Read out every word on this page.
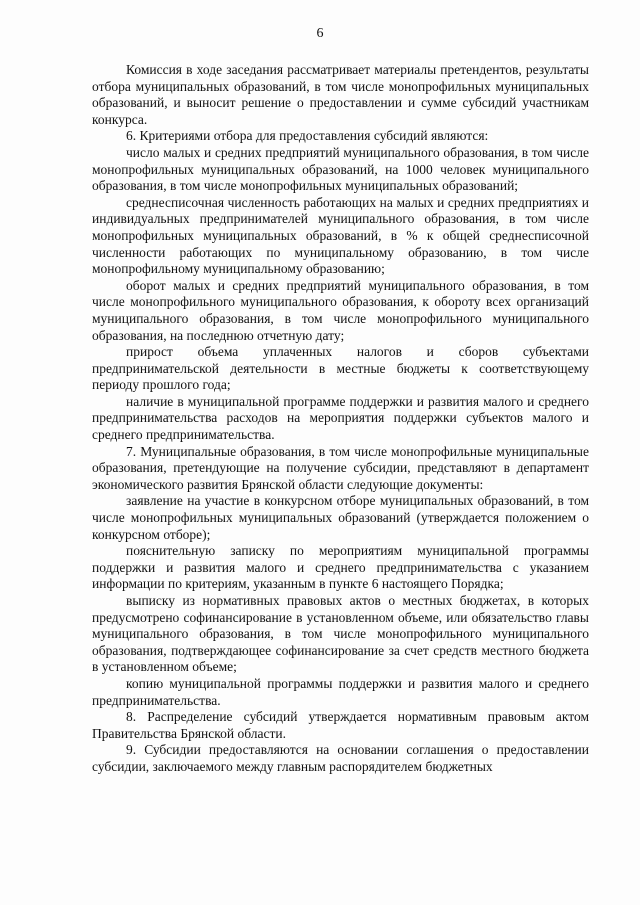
6

Комиссия в ходе заседания рассматривает материалы претендентов, результаты отбора муниципальных образований, в том числе монопрофильных муниципальных образований, и выносит решение о предоставлении и сумме субсидий участникам конкурса.

6. Критериями отбора для предоставления субсидий являются:

число малых и средних предприятий муниципального образования, в том числе монопрофильных муниципальных образований, на 1000 человек муниципального образования, в том числе монопрофильных муниципальных образований;

среднесписочная численность работающих на малых и средних предприятиях и индивидуальных предпринимателей муниципального образования, в том числе монопрофильных муниципальных образований, в % к общей среднесписочной численности работающих по муниципальному образованию, в том числе монопрофильному муниципальному образованию;

оборот малых и средних предприятий муниципального образования, в том числе монопрофильного муниципального образования, к обороту всех организаций муниципального образования, в том числе монопрофильного муниципального образования, на последнюю отчетную дату;

прирост объема уплаченных налогов и сборов субъектами предпринимательской деятельности в местные бюджеты к соответствующему периоду прошлого года;

наличие в муниципальной программе поддержки и развития малого и среднего предпринимательства расходов на мероприятия поддержки субъектов малого и среднего предпринимательства.

7. Муниципальные образования, в том числе монопрофильные муниципальные образования, претендующие на получение субсидии, представляют в департамент экономического развития Брянской области следующие документы:

заявление на участие в конкурсном отборе муниципальных образований, в том числе монопрофильных муниципальных образований (утверждается положением о конкурсном отборе);

пояснительную записку по мероприятиям муниципальной программы поддержки и развития малого и среднего предпринимательства с указанием информации по критериям, указанным в пункте 6 настоящего Порядка;

выписку из нормативных правовых актов о местных бюджетах, в которых предусмотрено софинансирование в установленном объеме, или обязательство главы муниципального образования, в том числе монопрофильного муниципального образования, подтверждающее софинансирование за счет средств местного бюджета в установленном объеме;

копию муниципальной программы поддержки и развития малого и среднего предпринимательства.

8. Распределение субсидий утверждается нормативным правовым актом Правительства Брянской области.

9. Субсидии предоставляются на основании соглашения о предоставлении субсидии, заключаемого между главным распорядителем бюджетных
